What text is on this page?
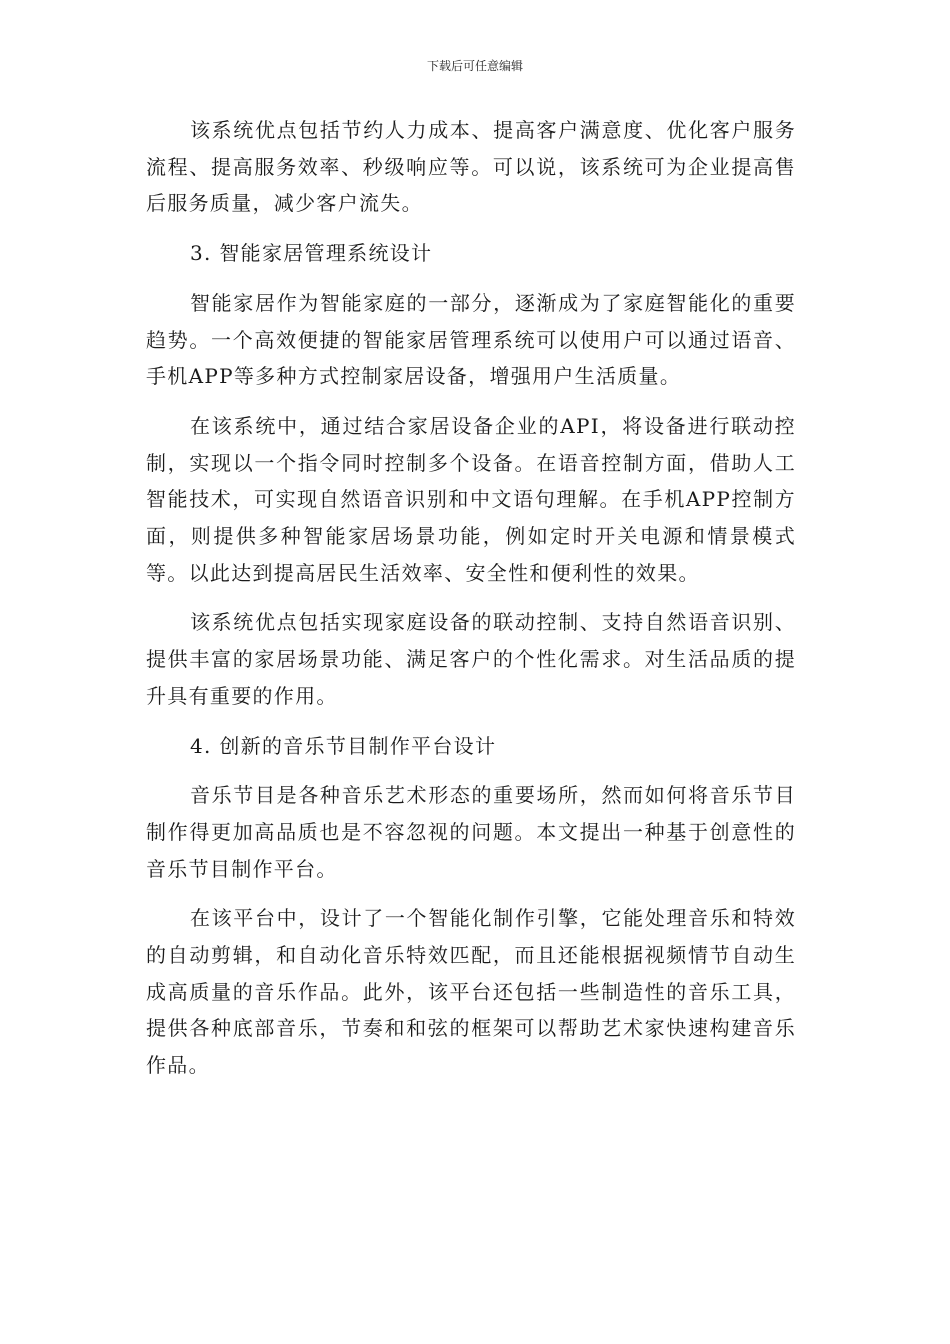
下载后可任意编辑

该系统优点包括节约人力成本、提高客户满意度、优化客户服务流程、提高服务效率、秒级响应等。可以说，该系统可为企业提高售后服务质量，减少客户流失。

3. 智能家居管理系统设计

智能家居作为智能家庭的一部分，逐渐成为了家庭智能化的重要趋势。一个高效便捷的智能家居管理系统可以使用户可以通过语音、手机APP等多种方式控制家居设备，增强用户生活质量。

在该系统中，通过结合家居设备企业的API，将设备进行联动控制，实现以一个指令同时控制多个设备。在语音控制方面，借助人工智能技术，可实现自然语音识别和中文语句理解。在手机APP控制方面，则提供多种智能家居场景功能，例如定时开关电源和情景模式等。以此达到提高居民生活效率、安全性和便利性的效果。

该系统优点包括实现家庭设备的联动控制、支持自然语音识别、提供丰富的家居场景功能、满足客户的个性化需求。对生活品质的提升具有重要的作用。

4. 创新的音乐节目制作平台设计

音乐节目是各种音乐艺术形态的重要场所，然而如何将音乐节目制作得更加高品质也是不容忽视的问题。本文提出一种基于创意性的音乐节目制作平台。

在该平台中，设计了一个智能化制作引擎，它能处理音乐和特效的自动剪辑，和自动化音乐特效匹配，而且还能根据视频情节自动生成高质量的音乐作品。此外，该平台还包括一些制造性的音乐工具，提供各种底部音乐，节奏和和弦的框架可以帮助艺术家快速构建音乐作品。
